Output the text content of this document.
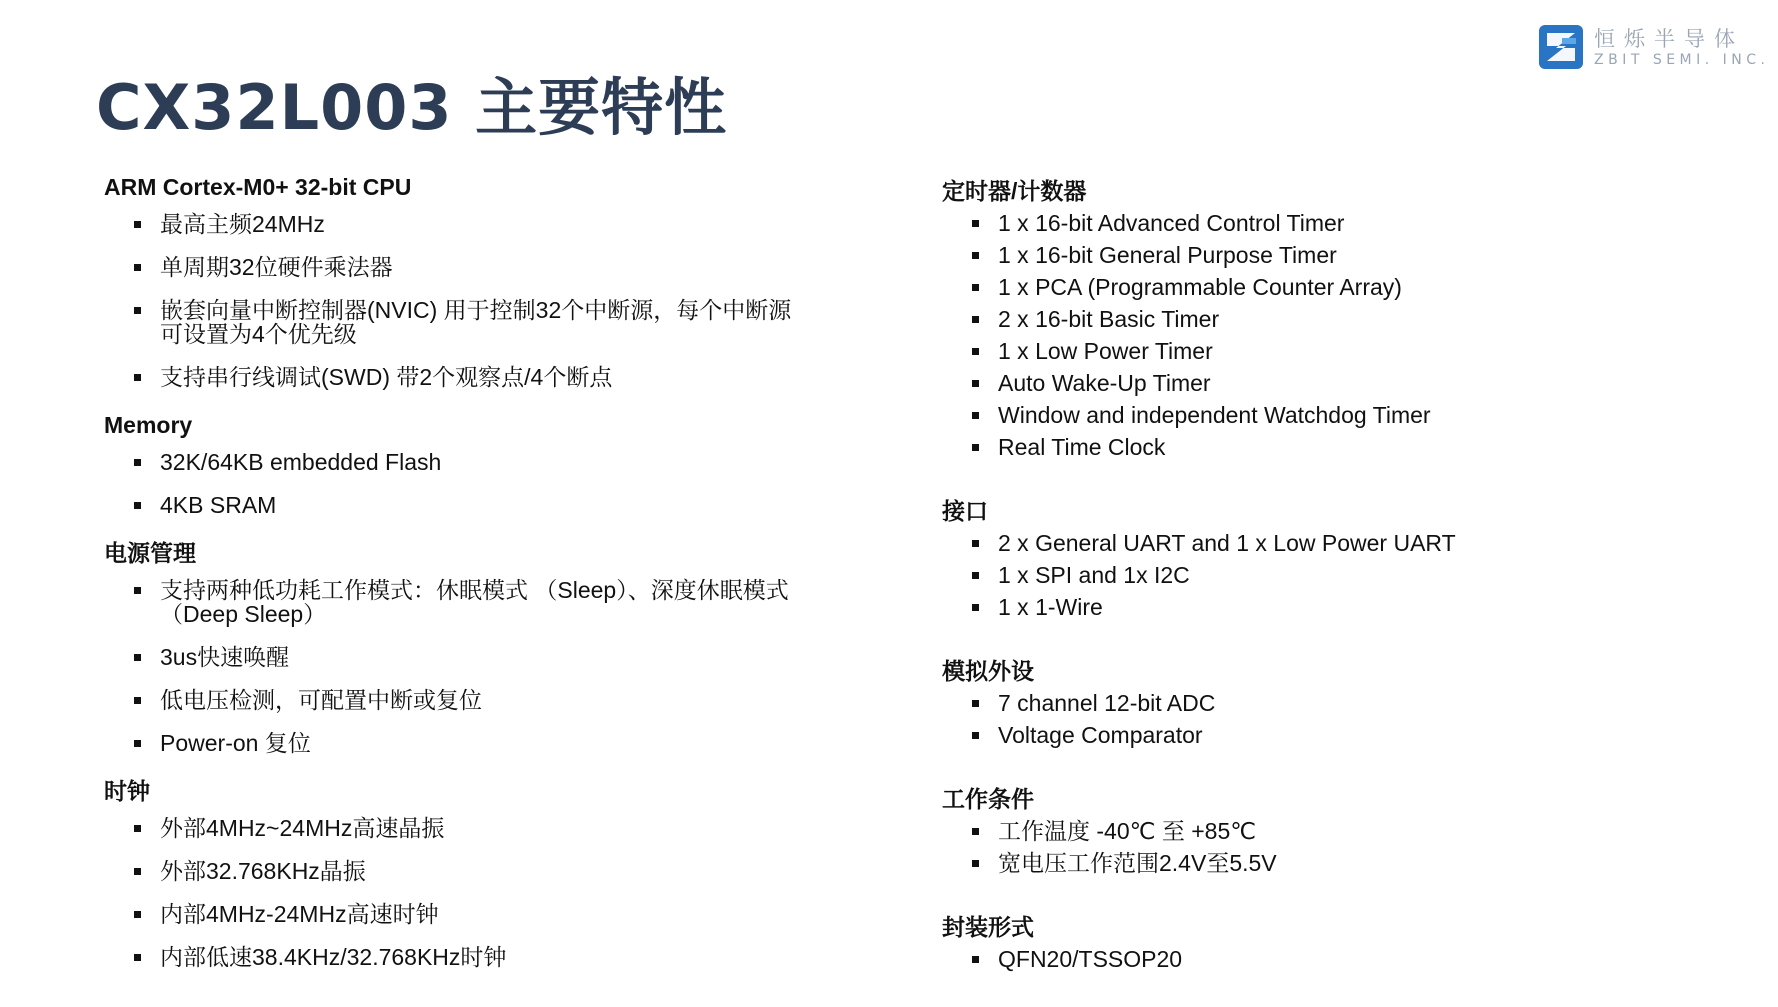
CX32L003 主要特性
恒烁半导体
ZBIT SEMI. INC.
ARM Cortex-M0+ 32-bit CPU
最高主频24MHz
单周期32位硬件乘法器
嵌套向量中断控制器(NVIC) 用于控制32个中断源，每个中断源可设置为4个优先级
支持串行线调试(SWD) 带2个观察点/4个断点
Memory
32K/64KB embedded Flash
4KB SRAM
电源管理
支持两种低功耗工作模式：休眠模式 （Sleep）、深度休眠模式 （Deep Sleep）
3us快速唤醒
低电压检测，可配置中断或复位
Power-on 复位
时钟
外部4MHz~24MHz高速晶振
外部32.768KHz晶振
内部4MHz-24MHz高速时钟
内部低速38.4KHz/32.768KHz时钟
定时器/计数器
1 x 16-bit Advanced Control Timer
1 x 16-bit General Purpose Timer
1 x PCA (Programmable Counter Array)
2 x 16-bit Basic Timer
1 x Low Power Timer
Auto Wake-Up Timer
Window and independent Watchdog Timer
Real Time Clock
接口
2 x General UART and 1 x Low Power UART
1 x SPI and 1x I2C
1 x 1-Wire
模拟外设
7 channel 12-bit ADC
Voltage Comparator
工作条件
工作温度 -40℃ 至 +85℃
宽电压工作范围2.4V至5.5V
封装形式
QFN20/TSSOP20
